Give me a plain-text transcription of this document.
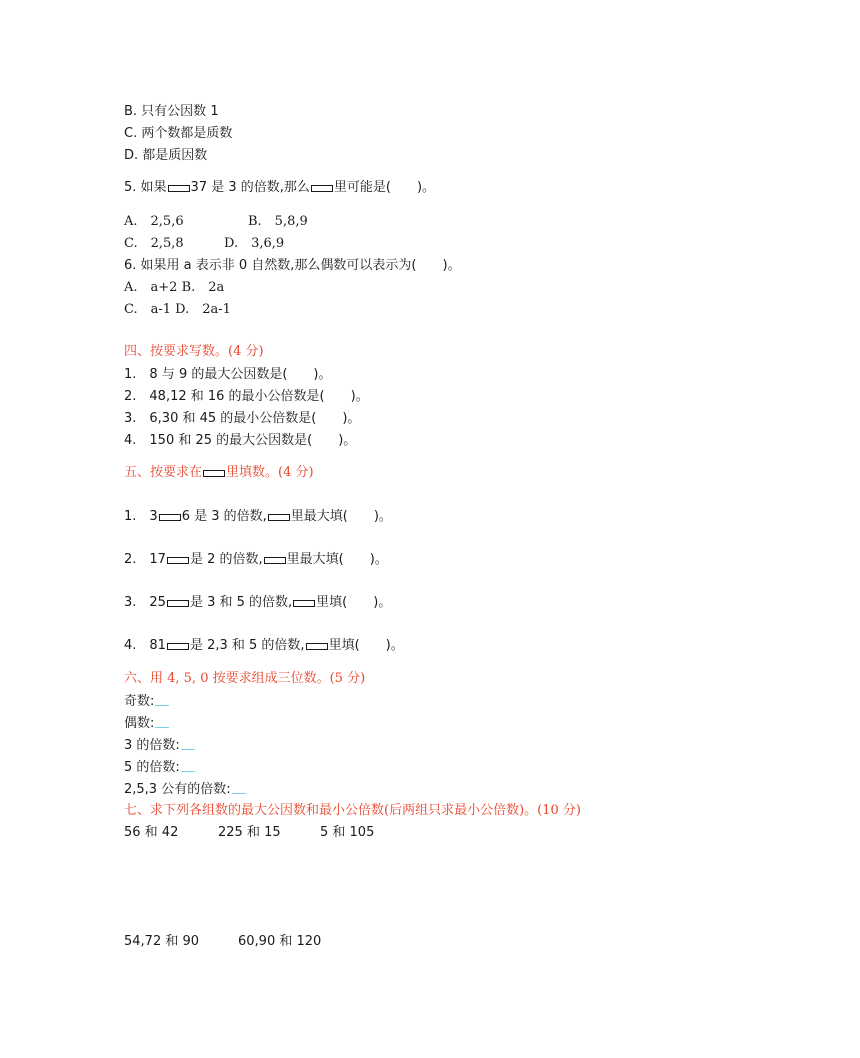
B. 只有公因数 1
C. 两个数都是质数
D. 都是质因数
5. 如果 37 是 3 的倍数,那么 里可能是(　　)。
A.　2,5,6	B.　5,8,9
C.　2,5,8	D.　3,6,9
6. 如果用 a 表示非 0 自然数,那么偶数可以表示为(　　)。
A.　a+2 B.　2a
C.　a-1 D.　2a-1
四、按要求写数。(4 分)
1.　8 与 9 的最大公因数是(　　)。
2.　48,12 和 16 的最小公倍数是(　　)。
3.　6,30 和 45 的最小公倍数是(　　)。
4.　150 和 25 的最大公因数是(　　)。
五、按要求在 里填数。(4 分)
1.　3 6 是 3 的倍数, 里最大填(　　)。
2.　17 是 2 的倍数, 里最大填(　　)。
3.　25 是 3 和 5 的倍数, 里填(　　)。
4.　81 是 2,3 和 5 的倍数, 里填(　　)。
六、用 4, 5, 0 按要求组成三位数。(5 分)
奇数:
偶数:
3 的倍数:
5 的倍数:
2,5,3 公有的倍数:
七、求下列各组数的最大公因数和最小公倍数(后两组只求最小公倍数)。(10 分)
56 和 42	225 和 15	5 和 105
54,72 和 90	60,90 和 120
